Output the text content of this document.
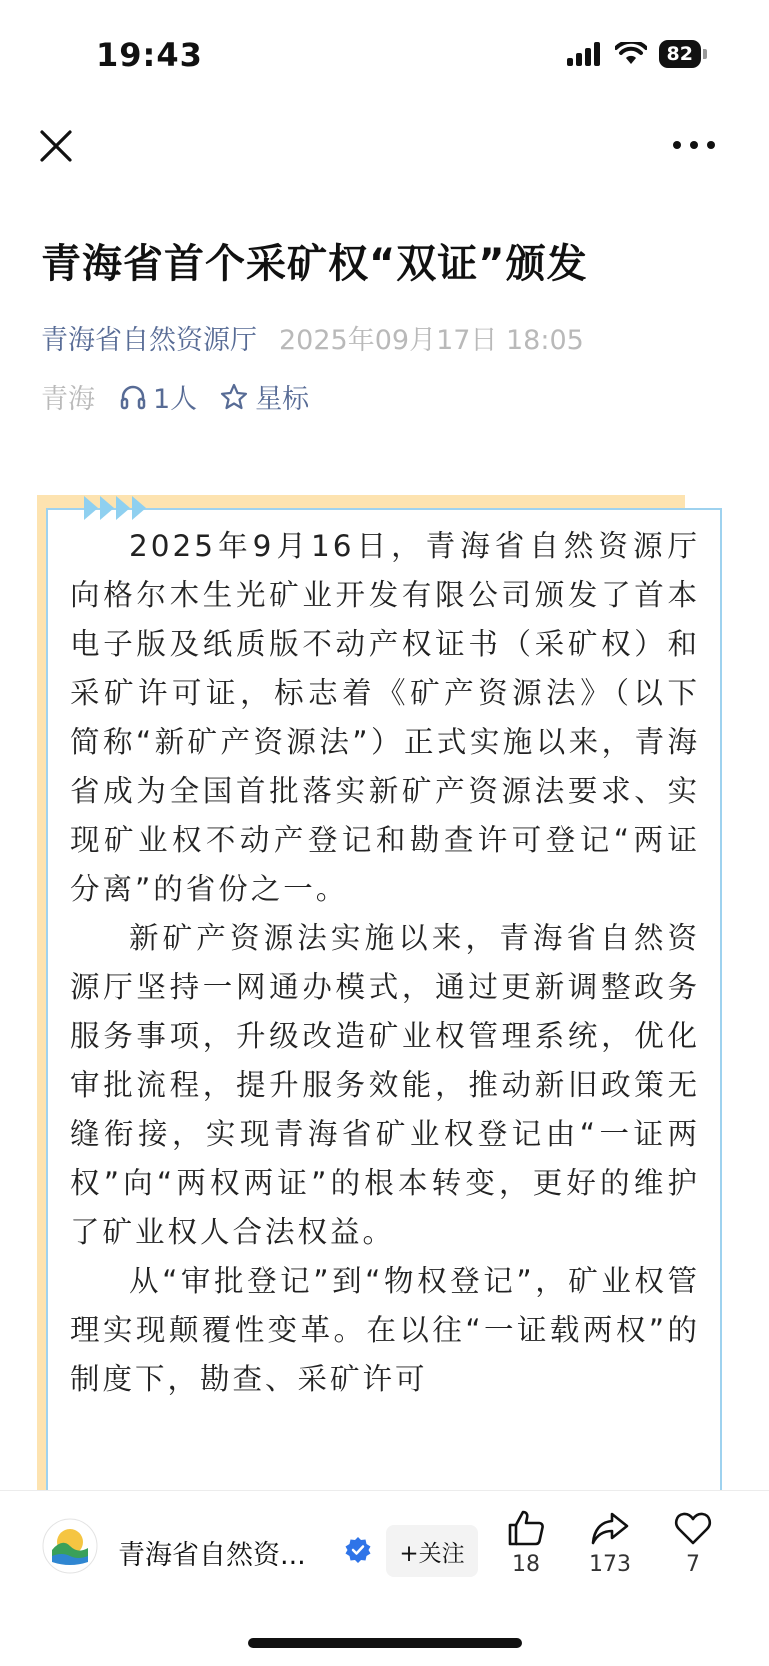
19:43	82
青海省首个采矿权“双证”颁发
青海省自然资源厅 2025年09月17日 18:05
青海 1人 星标

2025年9月16日，青海省自然资源厅向格尔木生光矿业开发有限公司颁发了首本电子版及纸质版不动产权证书（采矿权）和采矿许可证，标志着《矿产资源法》（以下简称“新矿产资源法”）正式实施以来，青海省成为全国首批落实新矿产资源法要求、实现矿业权不动产登记和勘查许可登记“两证分离”的省份之一。

新矿产资源法实施以来，青海省自然资源厅坚持一网通办模式，通过更新调整政务服务事项，升级改造矿业权管理系统，优化审批流程，提升服务效能，推动新旧政策无缝衔接，实现青海省矿业权登记由“一证两权”向“两权两证”的根本转变，更好的维护了矿业权人合法权益。

从“审批登记”到“物权登记”，矿业权管理实现颠覆性变革。在以往“一证载两权”的制度下，勘查、采矿许可

青海省自然资...	+关注	18	173	7
